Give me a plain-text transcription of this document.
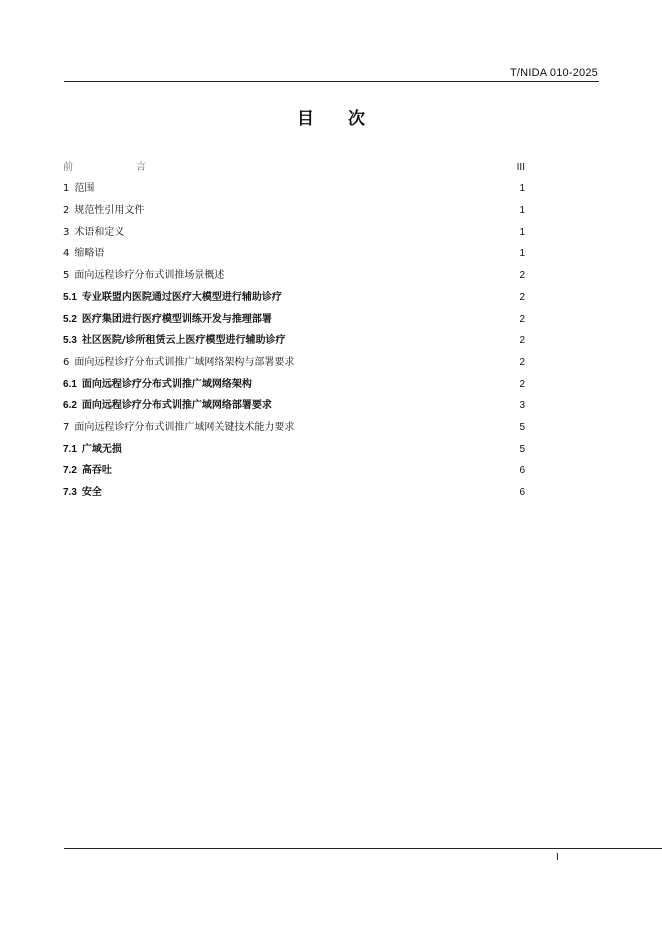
T/NIDA 010-2025
目 次
前 言	III
1 范围	1
2 规范性引用文件	1
3 术语和定义	1
4 缩略语	1
5 面向远程诊疗分布式训推场景概述	2
5.1 专业联盟内医院通过医疗大模型进行辅助诊疗	2
5.2 医疗集团进行医疗模型训练开发与推理部署	2
5.3 社区医院/诊所租赁云上医疗模型进行辅助诊疗	2
6 面向远程诊疗分布式训推广域网络架构与部署要求	2
6.1 面向远程诊疗分布式训推广域网络架构	2
6.2 面向远程诊疗分布式训推广域网络部署要求	3
7 面向远程诊疗分布式训推广域网关键技术能力要求	5
7.1 广域无损	5
7.2 高吞吐	6
7.3 安全	6
I
